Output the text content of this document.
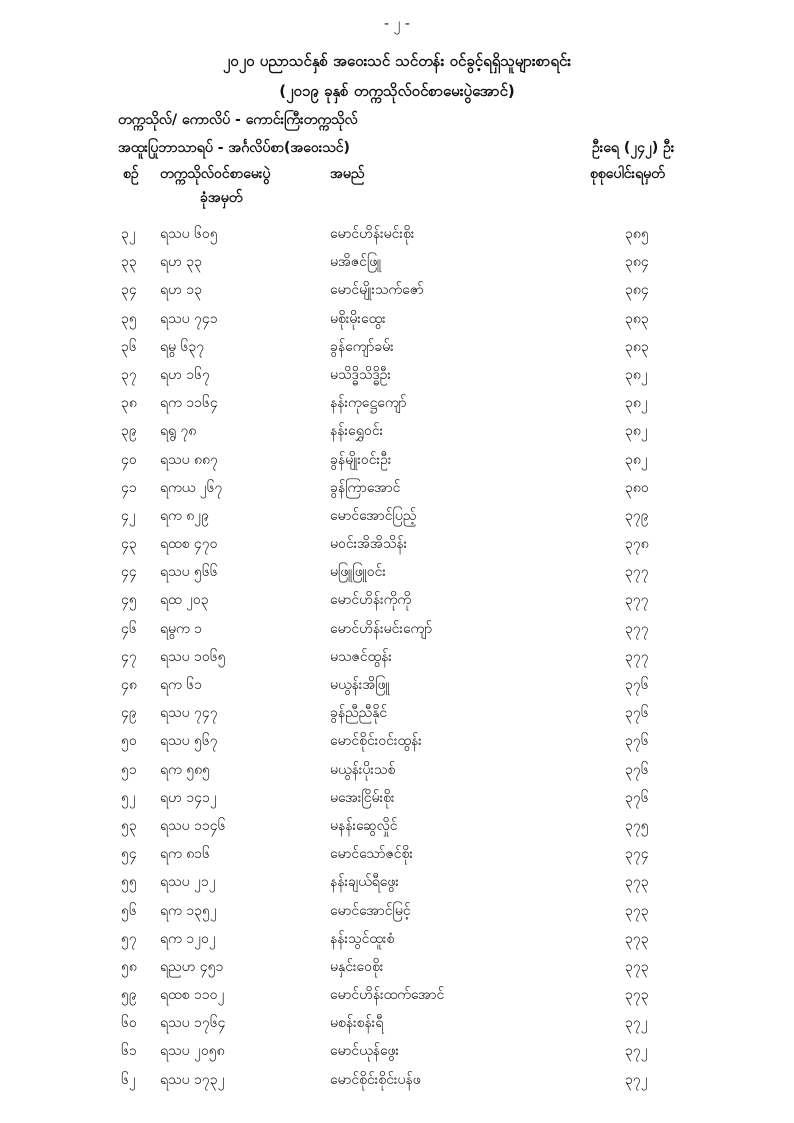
- ၂ -
၂၀၂၀ ပညာသင်နှစ် အဝေးသင် သင်တန်း ဝင်ခွင့်ရရှိသူများစာရင်း
(၂၀၁၉ ခုနှစ် တက္ကသိုလ်ဝင်စာမေးပွဲအောင်)
တက္ကသိုလ်/ ကောလိပ် - ကောင်းကြီးတက္ကသိုလ်
အထူးပြုဘာသာရပ် - အင်္ဂလိပ်စာ(အဝေးသင်)	ဦးရေ (၂၄၂) ဦး
စဉ် တက္ကသိုလ်ဝင်စာမေးပွဲ
ခုံအမှတ်
အမည်	စုစုပေါင်းရမှတ်
၃၂ ရသပ ၆၀၅	မောင်ဟိန်းမင်းစိုး	၃၈၅
၃၃ ရဟ ၃၃	မအိဇင်ဖြူ	၃၈၄
၃၄ ရဟ ၁၃	မောင်မျိုးသက်ဇော်	၃၈၄
၃၅ ရသပ ၇၄၁	မစိုးမိုးထွေး	၃၈၃
၃၆ ရမွ ၆၃၇	ခွန်ကျော်ခမ်း	၃၈၃
၃၇ ရဟ ၁၆၇	မသိဒ္ဓိသိဒ္ဓိဦး	၃၈၂
၃၈ ရက ၁၁၆၄	နန်းကုဋ္ဌေကျော်	၃၈၂
၃၉ ရရွ ၇၈	နန်းရွှေဝင်း	၃၈၂
၄၀ ရသပ ၈၈၇	ခွန်မျိုးဝင်းဦး	၃၈၂
၄၁ ရကယ ၂၆၇	ခွန်ကြာအောင်	၃၈၀
၄၂ ရက ၈၂၉	မောင်အောင်ပြည့်	၃၇၉
၄၃ ရထစ ၄၇၀	မဝင်းအိအိသိန်း	၃၇၈
၄၄ ရသပ ၅၆၆	မဖြူဖြူဝင်း	၃၇၇
၄၅ ရထ ၂၀၃	မောင်ဟိန်းကိုကို	၃၇၇
၄၆ ရမွက ၁	မောင်ဟိန်းမင်းကျော်	၃၇၇
၄၇ ရသပ ၁၀၆၅	မသဇင်ထွန်း	၃၇၇
၄၈ ရက ၆၁	မယွန်းအိဖြူ	၃၇၆
၄၉ ရသပ ၇၄၇	ခွန်ညီညီနိုင်	၃၇၆
၅၀ ရသပ ၅၆၇	မောင်စိုင်းဝင်းထွန်း	၃၇၆
၅၁ ရက ၅၈၅	မယွန်းပိုးသစ်	၃၇၆
၅၂ ရဟ ၁၄၁၂	မအေးငြိမ်းစိုး	၃၇၆
၅၃ ရသပ ၁၁၄၆	မနန်းဆွေလှိုင်	၃၇၅
၅၄ ရက ၈၁၆	မောင်သော်ဇင်စိုး	၃၇၄
၅၅ ရသပ ၂၁၂	နန်းချယ်ရီဖွေး	၃၇၃
၅၆ ရက ၁၃၅၂	မောင်အောင်မြင့်	၃၇၃
၅၇ ရက ၁၂၀၂	နန်းသွင်ထူးစံ	၃၇၃
၅၈ ရညဟ ၄၅၁	မနှင်းဝေစိုး	၃၇၃
၅၉ ရထစ ၁၁၀၂	မောင်ဟိန်းထက်အောင်	၃၇၃
၆၀ ရသပ ၁၇၆၄	မစန်းစန်းရီ	၃၇၂
၆၁ ရသပ ၂၀၅၈	မောင်ယုန်ဖွေး	၃၇၂
၆၂ ရသပ ၁၇၃၂	မောင်စိုင်းစိုင်းပန်ဖ	၃၇၂
